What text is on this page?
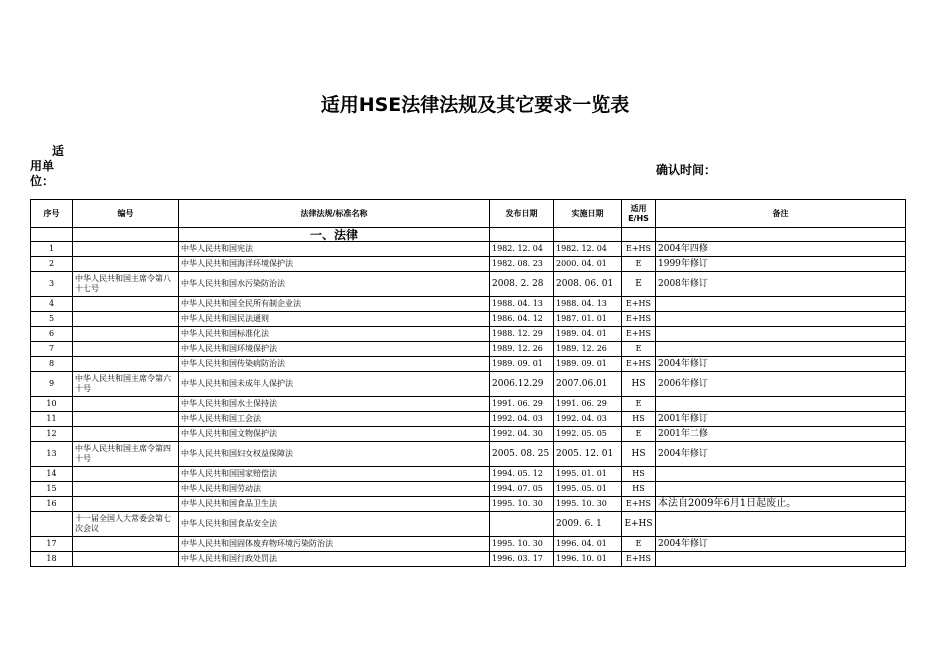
适用HSE法律法规及其它要求一览表
适
用单
位：
确认时间：
序号	编号	法律法规/标准名称	发布日期	实施日期	适用E/HS	备注
		一、法律				
1		中华人民共和国宪法	1982. 12. 04	1982. 12. 04	E+HS	2004年四修
2		中华人民共和国海洋环境保护法	1982. 08. 23	2000. 04. 01	E	1999年修订
3	中华人民共和国主席令第八十七号	中华人民共和国水污染防治法	2008. 2. 28	2008. 06. 01	E	2008年修订
4		中华人民共和国全民所有制企业法	1988. 04. 13	1988. 04. 13	E+HS	
5		中华人民共和国民法通则	1986. 04. 12	1987. 01. 01	E+HS	
6		中华人民共和国标准化法	1988. 12. 29	1989. 04. 01	E+HS	
7		中华人民共和国环境保护法	1989. 12. 26	1989. 12. 26	E	
8		中华人民共和国传染病防治法	1989. 09. 01	1989. 09. 01	E+HS	2004年修订
9	中华人民共和国主席令第六十号	中华人民共和国未成年人保护法	2006.12.29	2007.06.01	HS	2006年修订
10		中华人民共和国水土保持法	1991. 06. 29	1991. 06. 29	E	
11		中华人民共和国工会法	1992. 04. 03	1992. 04. 03	HS	2001年修订
12		中华人民共和国文物保护法	1992. 04. 30	1992. 05. 05	E	2001年二修
13	中华人民共和国主席令第四十号	中华人民共和国妇女权益保障法	2005. 08. 25	2005. 12. 01	HS	2004年修订
14		中华人民共和国国家赔偿法	1994. 05. 12	1995. 01. 01	HS	
15		中华人民共和国劳动法	1994. 07. 05	1995. 05. 01	HS	
16		中华人民共和国食品卫生法	1995. 10. 30	1995. 10. 30	E+HS	本法自2009年6月1日起废止。
	十一届全国人大常委会第七次会议	中华人民共和国食品安全法		2009. 6. 1	E+HS	
17		中华人民共和国固体废弃物环境污染防治法	1995. 10. 30	1996. 04. 01	E	2004年修订
18		中华人民共和国行政处罚法	1996. 03. 17	1996. 10. 01	E+HS	
